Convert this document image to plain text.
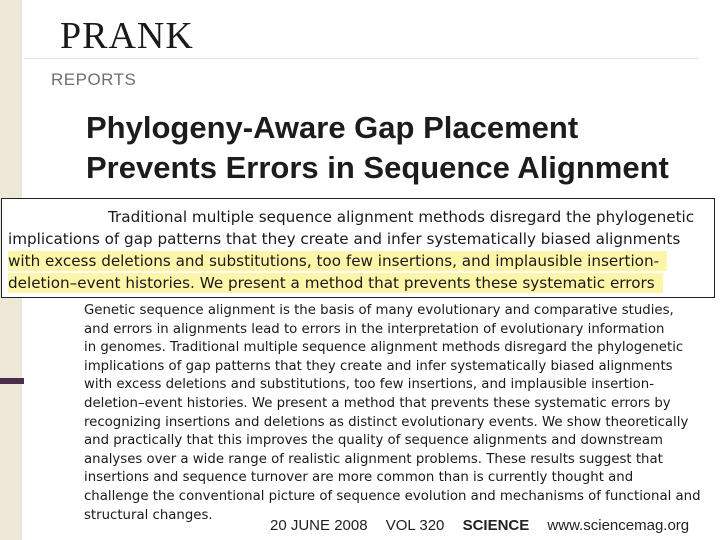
PRANK

REPORTS

Phylogeny-Aware Gap Placement
Prevents Errors in Sequence Alignment
Genetic sequence alignment is the basis of many evolutionary and comparative studies,
and errors in alignments lead to errors in the interpretation of evolutionary information
in genomes. Traditional multiple sequence alignment methods disregard the phylogenetic
implications of gap patterns that they create and infer systematically biased alignments
with excess deletions and substitutions, too few insertions, and implausible insertion-
deletion–event histories. We present a method that prevents these systematic errors by
recognizing insertions and deletions as distinct evolutionary events. We show theoretically
and practically that this improves the quality of sequence alignments and downstream
analyses over a wide range of realistic alignment problems. These results suggest that
insertions and sequence turnover are more common than is currently thought and
challenge the conventional picture of sequence evolution and mechanisms of functional and
structural changes.
Traditional multiple sequence alignment methods disregard the phylogenetic
implications of gap patterns that they create and infer systematically biased alignments
with excess deletions and substitutions, too few insertions, and implausible insertion-
deletion–event histories. We present a method that prevents these systematic errors
20 JUNE 2008 VOL 320 SCIENCE www.sciencemag.org
